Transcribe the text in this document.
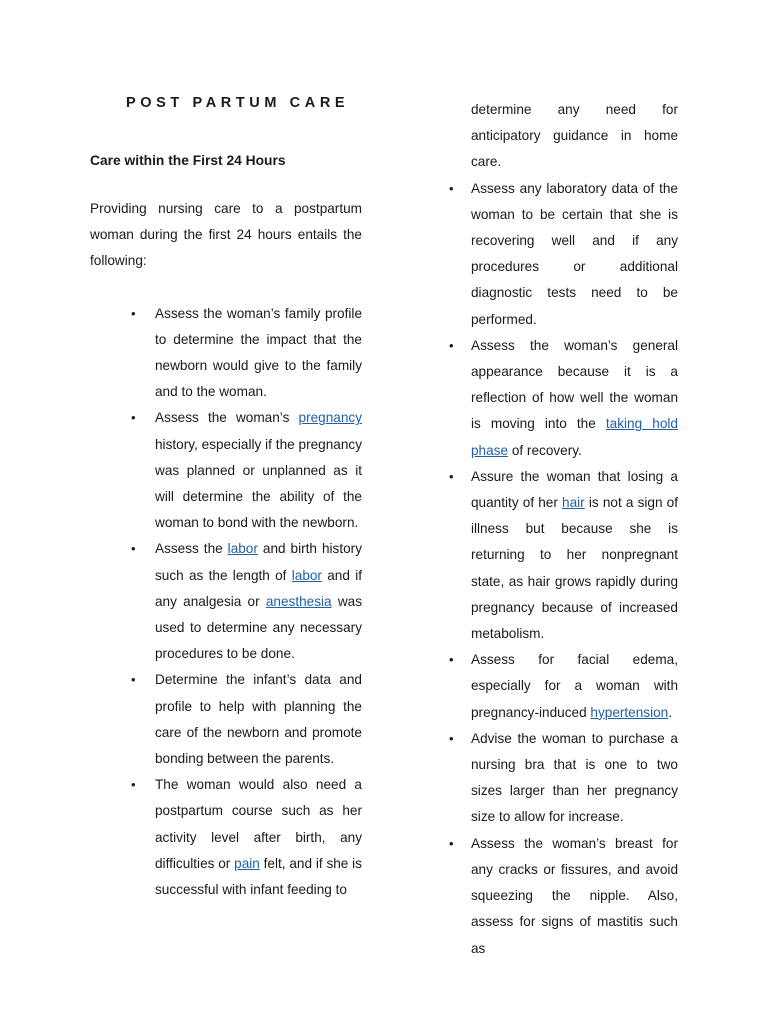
POST PARTUM CARE
Care within the First 24 Hours

Providing nursing care to a postpartum woman during the first 24 hours entails the following:

• Assess the woman’s family profile to determine the impact that the newborn would give to the family and to the woman.
• Assess the woman’s pregnancy history, especially if the pregnancy was planned or unplanned as it will determine the ability of the woman to bond with the newborn.
• Assess the labor and birth history such as the length of labor and if any analgesia or anesthesia was used to determine any necessary procedures to be done.
• Determine the infant’s data and profile to help with planning the care of the newborn and promote bonding between the parents.
• The woman would also need a postpartum course such as her activity level after birth, any difficulties or pain felt, and if she is successful with infant feeding to
determine any need for anticipatory guidance in home care.
• Assess any laboratory data of the woman to be certain that she is recovering well and if any procedures or additional diagnostic tests need to be performed.
• Assess the woman’s general appearance because it is a reflection of how well the woman is moving into the taking hold phase of recovery.
• Assure the woman that losing a quantity of her hair is not a sign of illness but because she is returning to her nonpregnant state, as hair grows rapidly during pregnancy because of increased metabolism.
• Assess for facial edema, especially for a woman with pregnancy-induced hypertension.
• Advise the woman to purchase a nursing bra that is one to two sizes larger than her pregnancy size to allow for increase.
• Assess the woman’s breast for any cracks or fissures, and avoid squeezing the nipple. Also, assess for signs of mastitis such as
